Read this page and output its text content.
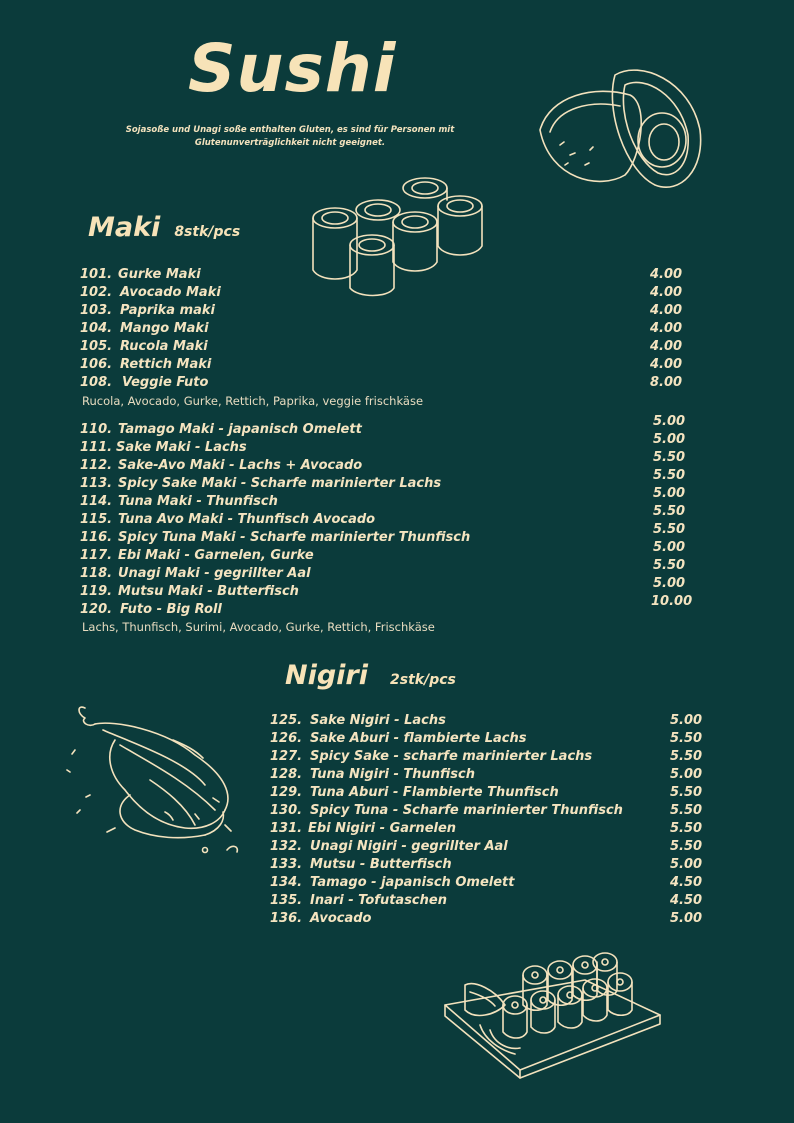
Sushi
Sojasoße und Unagi soße enthalten Gluten, es sind für Personen mit Glutenunverträglichkeit nicht geeignet.
Maki 8stk/pcs
101. Gurke Maki
102. Avocado Maki
103. Paprika maki
104. Mango Maki
105. Rucola Maki
106. Rettich Maki
108. Veggie Futo
4.00
4.00
4.00
4.00
4.00
4.00
8.00
Rucola, Avocado, Gurke, Rettich, Paprika, veggie frischkäse
110. Tamago Maki - japanisch Omelett
111. Sake Maki - Lachs
112. Sake-Avo Maki - Lachs + Avocado
113. Spicy Sake Maki - Scharfe marinierter Lachs
114. Tuna Maki - Thunfisch
115. Tuna Avo Maki - Thunfisch Avocado
116. Spicy Tuna Maki - Scharfe marinierter Thunfisch
117. Ebi Maki - Garnelen, Gurke
118. Unagi Maki - gegrillter Aal
119. Mutsu Maki - Butterfisch
120. Futo - Big Roll
5.00
5.00
5.50
5.50
5.00
5.50
5.50
5.00
5.50
5.00
10.00
Lachs, Thunfisch, Surimi, Avocado, Gurke, Rettich, Frischkäse
Nigiri 2stk/pcs
125. Sake Nigiri - Lachs
126. Sake Aburi - flambierte Lachs
127. Spicy Sake - scharfe marinierter Lachs
128. Tuna Nigiri - Thunfisch
129. Tuna Aburi - Flambierte Thunfisch
130. Spicy Tuna - Scharfe marinierter Thunfisch
131. Ebi Nigiri - Garnelen
132. Unagi Nigiri - gegrillter Aal
133. Mutsu - Butterfisch
134. Tamago - japanisch Omelett
135. Inari - Tofutaschen
136. Avocado
5.00
5.50
5.50
5.00
5.50
5.50
5.50
5.50
5.00
4.50
4.50
5.00
